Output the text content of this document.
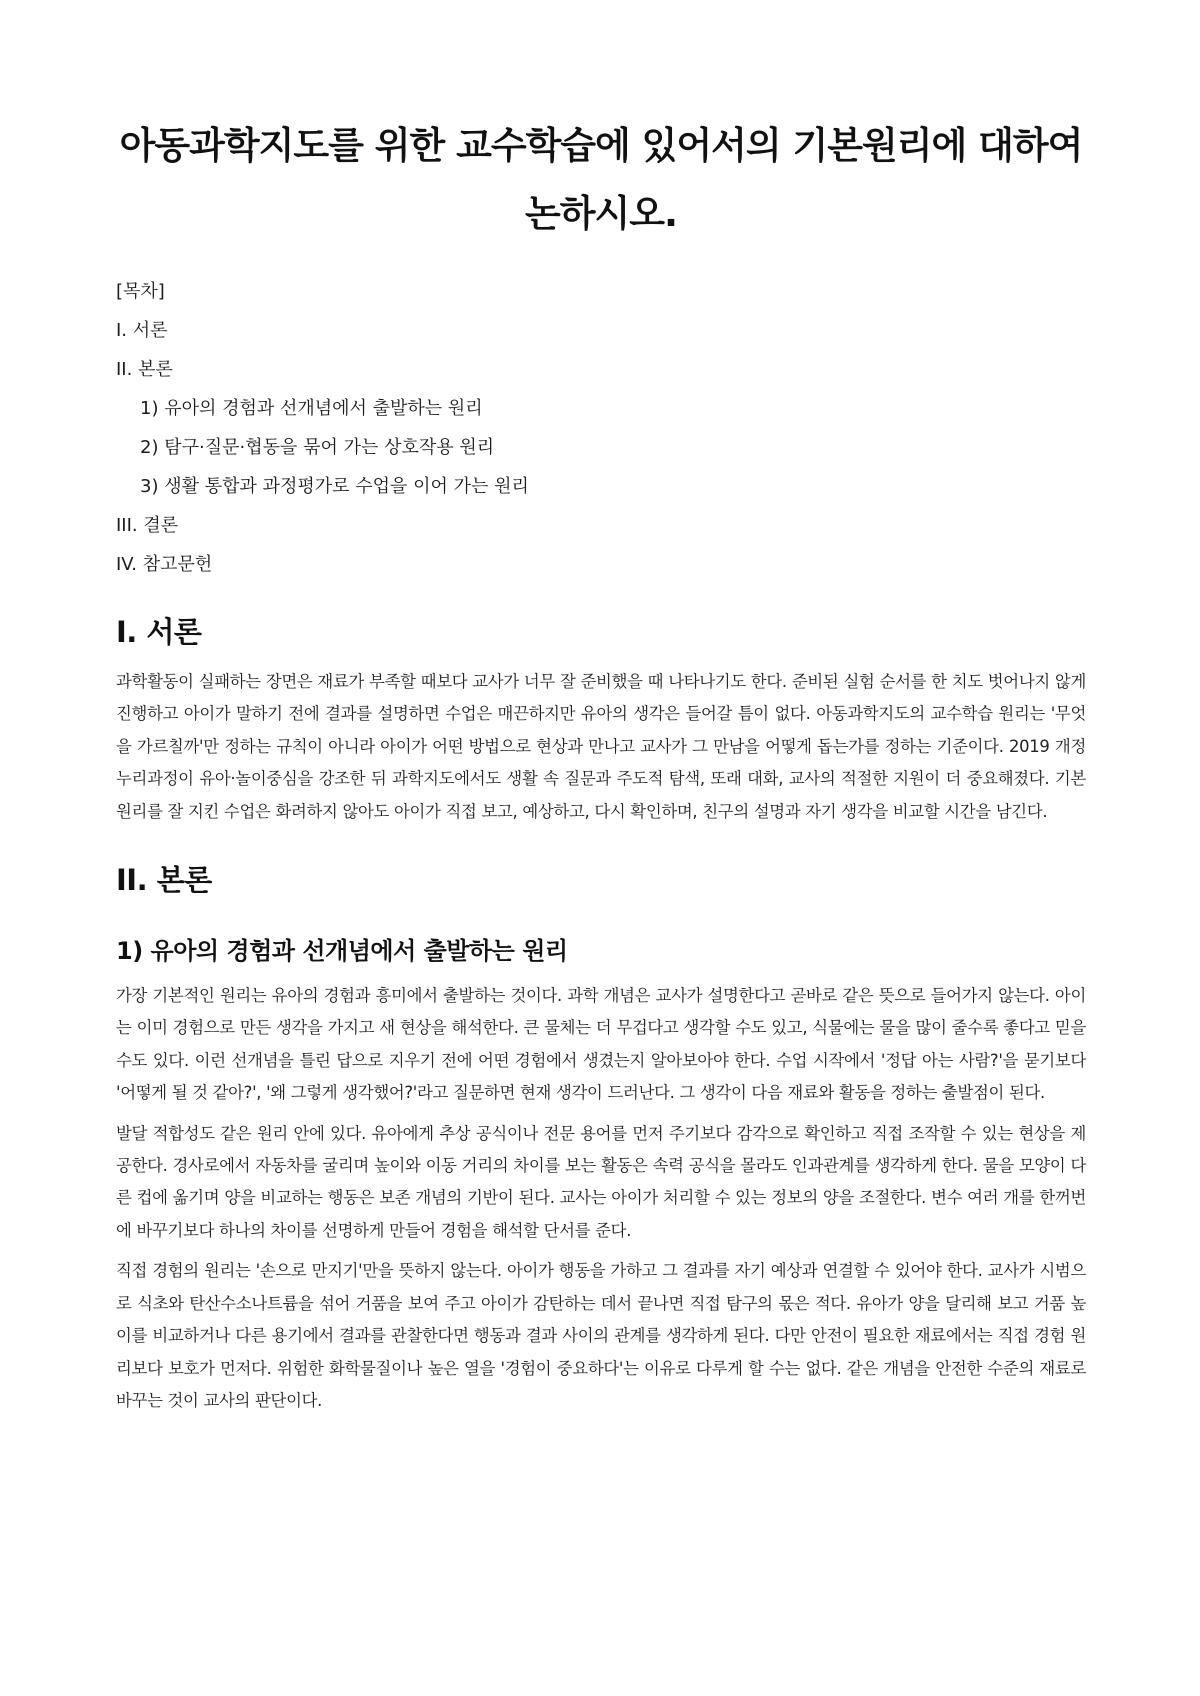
아동과학지도를 위한 교수학습에 있어서의 기본원리에 대하여 논하시오.
[목차]
I. 서론
II. 본론
1) 유아의 경험과 선개념에서 출발하는 원리
2) 탐구·질문·협동을 묶어 가는 상호작용 원리
3) 생활 통합과 과정평가로 수업을 이어 가는 원리
III. 결론
IV. 참고문헌
I. 서론

과학활동이 실패하는 장면은 재료가 부족할 때보다 교사가 너무 잘 준비했을 때 나타나기도 한다. 준비된 실험 순서를 한 치도 벗어나지 않게 진행하고 아이가 말하기 전에 결과를 설명하면 수업은 매끈하지만 유아의 생각은 들어갈 틈이 없다. 아동과학지도의 교수학습 원리는 '무엇을 가르칠까'만 정하는 규칙이 아니라 아이가 어떤 방법으로 현상과 만나고 교사가 그 만남을 어떻게 돕는가를 정하는 기준이다. 2019 개정 누리과정이 유아·놀이중심을 강조한 뒤 과학지도에서도 생활 속 질문과 주도적 탐색, 또래 대화, 교사의 적절한 지원이 더 중요해졌다. 기본원리를 잘 지킨 수업은 화려하지 않아도 아이가 직접 보고, 예상하고, 다시 확인하며, 친구의 설명과 자기 생각을 비교할 시간을 남긴다.

II. 본론
1) 유아의 경험과 선개념에서 출발하는 원리

가장 기본적인 원리는 유아의 경험과 흥미에서 출발하는 것이다. 과학 개념은 교사가 설명한다고 곧바로 같은 뜻으로 들어가지 않는다. 아이는 이미 경험으로 만든 생각을 가지고 새 현상을 해석한다. 큰 물체는 더 무겁다고 생각할 수도 있고, 식물에는 물을 많이 줄수록 좋다고 믿을 수도 있다. 이런 선개념을 틀린 답으로 지우기 전에 어떤 경험에서 생겼는지 알아보아야 한다. 수업 시작에서 '정답 아는 사람?'을 묻기보다 '어떻게 될 것 같아?', '왜 그렇게 생각했어?'라고 질문하면 현재 생각이 드러난다. 그 생각이 다음 재료와 활동을 정하는 출발점이 된다.

발달 적합성도 같은 원리 안에 있다. 유아에게 추상 공식이나 전문 용어를 먼저 주기보다 감각으로 확인하고 직접 조작할 수 있는 현상을 제공한다. 경사로에서 자동차를 굴리며 높이와 이동 거리의 차이를 보는 활동은 속력 공식을 몰라도 인과관계를 생각하게 한다. 물을 모양이 다른 컵에 옮기며 양을 비교하는 행동은 보존 개념의 기반이 된다. 교사는 아이가 처리할 수 있는 정보의 양을 조절한다. 변수 여러 개를 한꺼번에 바꾸기보다 하나의 차이를 선명하게 만들어 경험을 해석할 단서를 준다.

직접 경험의 원리는 '손으로 만지기'만을 뜻하지 않는다. 아이가 행동을 가하고 그 결과를 자기 예상과 연결할 수 있어야 한다. 교사가 시범으로 식초와 탄산수소나트륨을 섞어 거품을 보여 주고 아이가 감탄하는 데서 끝나면 직접 탐구의 몫은 적다. 유아가 양을 달리해 보고 거품 높이를 비교하거나 다른 용기에서 결과를 관찰한다면 행동과 결과 사이의 관계를 생각하게 된다. 다만 안전이 필요한 재료에서는 직접 경험 원리보다 보호가 먼저다. 위험한 화학물질이나 높은 열을 '경험이 중요하다'는 이유로 다루게 할 수는 없다. 같은 개념을 안전한 수준의 재료로 바꾸는 것이 교사의 판단이다.
